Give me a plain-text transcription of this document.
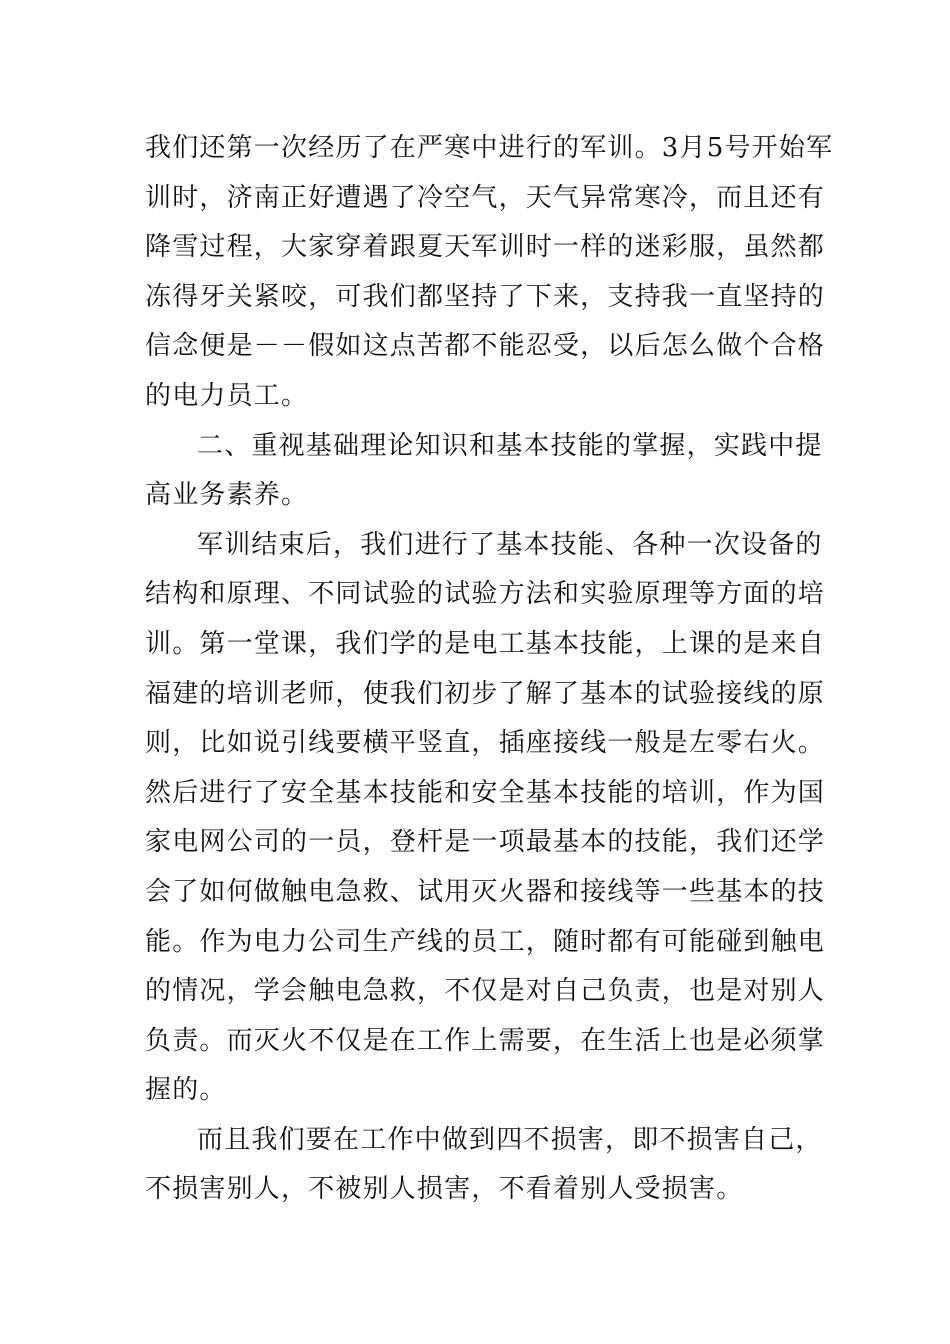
我们还第一次经历了在严寒中进行的军训。3月5号开始军
训时，济南正好遭遇了冷空气，天气异常寒冷，而且还有
降雪过程，大家穿着跟夏天军训时一样的迷彩服，虽然都
冻得牙关紧咬，可我们都坚持了下来，支持我一直坚持的
信念便是－－假如这点苦都不能忍受，以后怎么做个合格
的电力员工。
二、重视基础理论知识和基本技能的掌握，实践中提
高业务素养。
军训结束后，我们进行了基本技能、各种一次设备的
结构和原理、不同试验的试验方法和实验原理等方面的培
训。第一堂课，我们学的是电工基本技能，上课的是来自
福建的培训老师，使我们初步了解了基本的试验接线的原
则，比如说引线要横平竖直，插座接线一般是左零右火。
然后进行了安全基本技能和安全基本技能的培训，作为国
家电网公司的一员，登杆是一项最基本的技能，我们还学
会了如何做触电急救、试用灭火器和接线等一些基本的技
能。作为电力公司生产线的员工，随时都有可能碰到触电
的情况，学会触电急救，不仅是对自己负责，也是对别人
负责。而灭火不仅是在工作上需要，在生活上也是必须掌
握的。
而且我们要在工作中做到四不损害，即不损害自己，
不损害别人，不被别人损害，不看着别人受损害。
